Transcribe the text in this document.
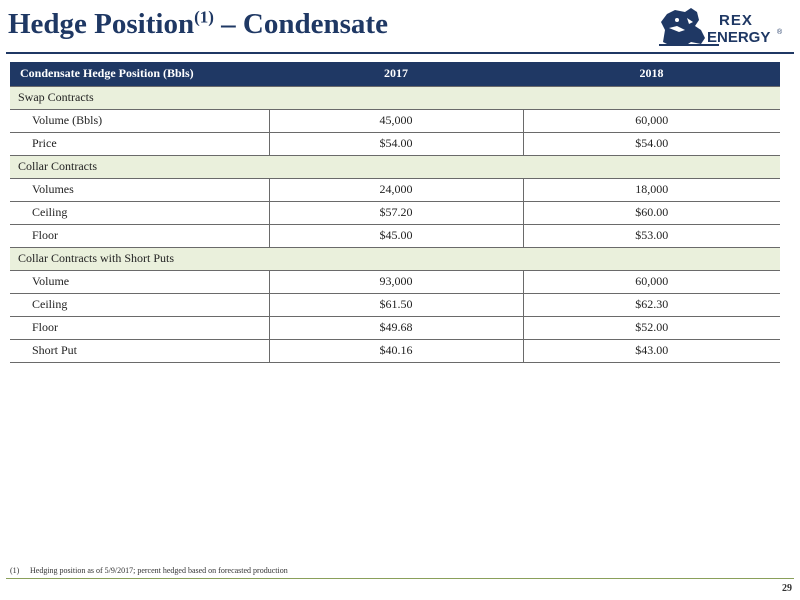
Hedge Position$^{(1)}$ – Condensate	REX
ENERGY ®
Condensate Hedge Position (Bbls)	2017	2018
Swap Contracts		
Volume (Bbls)	45,000	60,000
Price	$54.00	$54.00
Collar Contracts		
Volumes	24,000	18,000
Ceiling	$57.20	$60.00
Floor	$45.00	$53.00
Collar Contracts with Short Puts		
Volume	93,000	60,000
Ceiling	$61.50	$62.30
Floor	$49.68	$52.00
Short Put	$40.16	$43.00
(1) Hedging position as of 5/9/2017; percent hedged based on forecasted production
29
